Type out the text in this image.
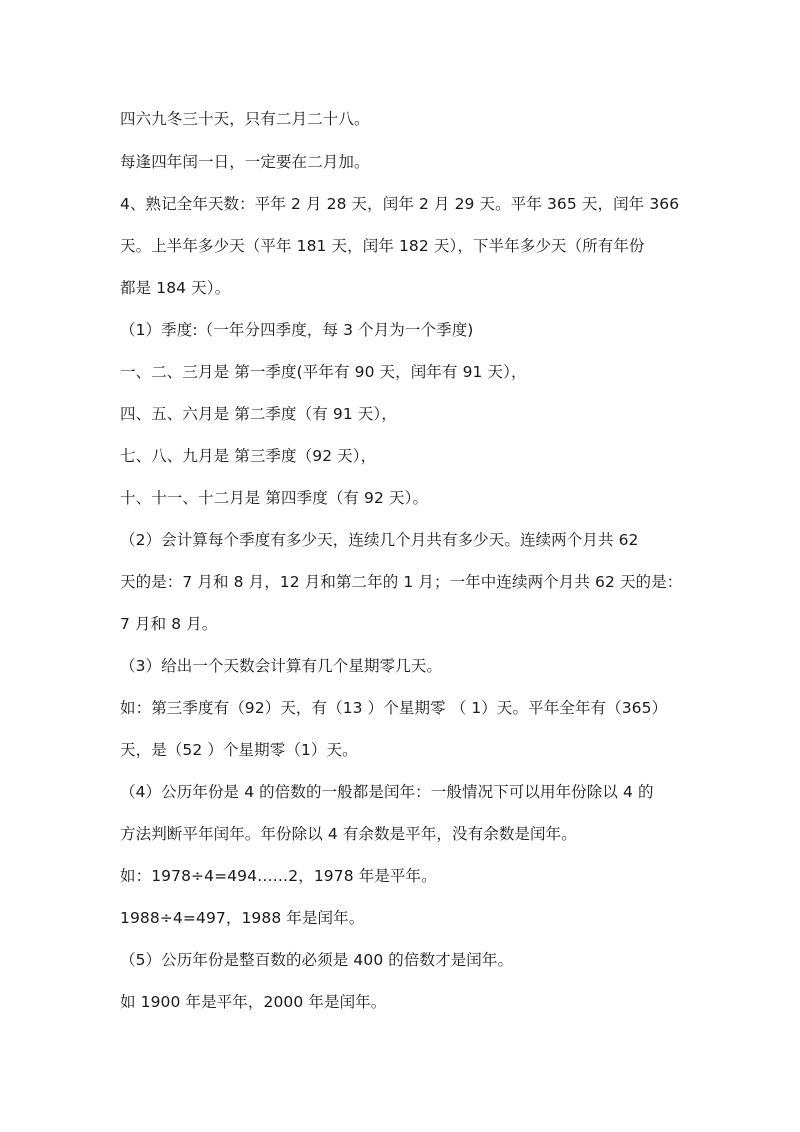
四六九冬三十天，只有二月二十八。
每逢四年闰一日，一定要在二月加。
4、熟记全年天数：平年 2 月 28 天，闰年 2 月 29 天。平年 365 天，闰年 366
天。上半年多少天（平年 181 天，闰年 182 天），下半年多少天（所有年份
都是 184 天）。
（1）季度:（一年分四季度，每 3 个月为一个季度)
一、二、三月是 第一季度(平年有 90 天，闰年有 91 天），
四、五、六月是 第二季度（有 91 天），
七、八、九月是 第三季度（92 天），
十、十一、十二月是 第四季度（有 92 天）。
（2）会计算每个季度有多少天，连续几个月共有多少天。连续两个月共 62
天的是：7 月和 8 月，12 月和第二年的 1 月；一年中连续两个月共 62 天的是：
7 月和 8 月。
（3）给出一个天数会计算有几个星期零几天。
如：第三季度有（92）天，有（13 ）个星期零 （ 1）天。平年全年有（365）
天，是（52 ）个星期零（1）天。
（4）公历年份是 4 的倍数的一般都是闰年：一般情况下可以用年份除以 4 的
方法判断平年闰年。年份除以 4 有余数是平年，没有余数是闰年。
如：1978÷4=494……2，1978 年是平年。
1988÷4=497，1988 年是闰年。
（5）公历年份是整百数的必须是 400 的倍数才是闰年。
如 1900 年是平年，2000 年是闰年。
